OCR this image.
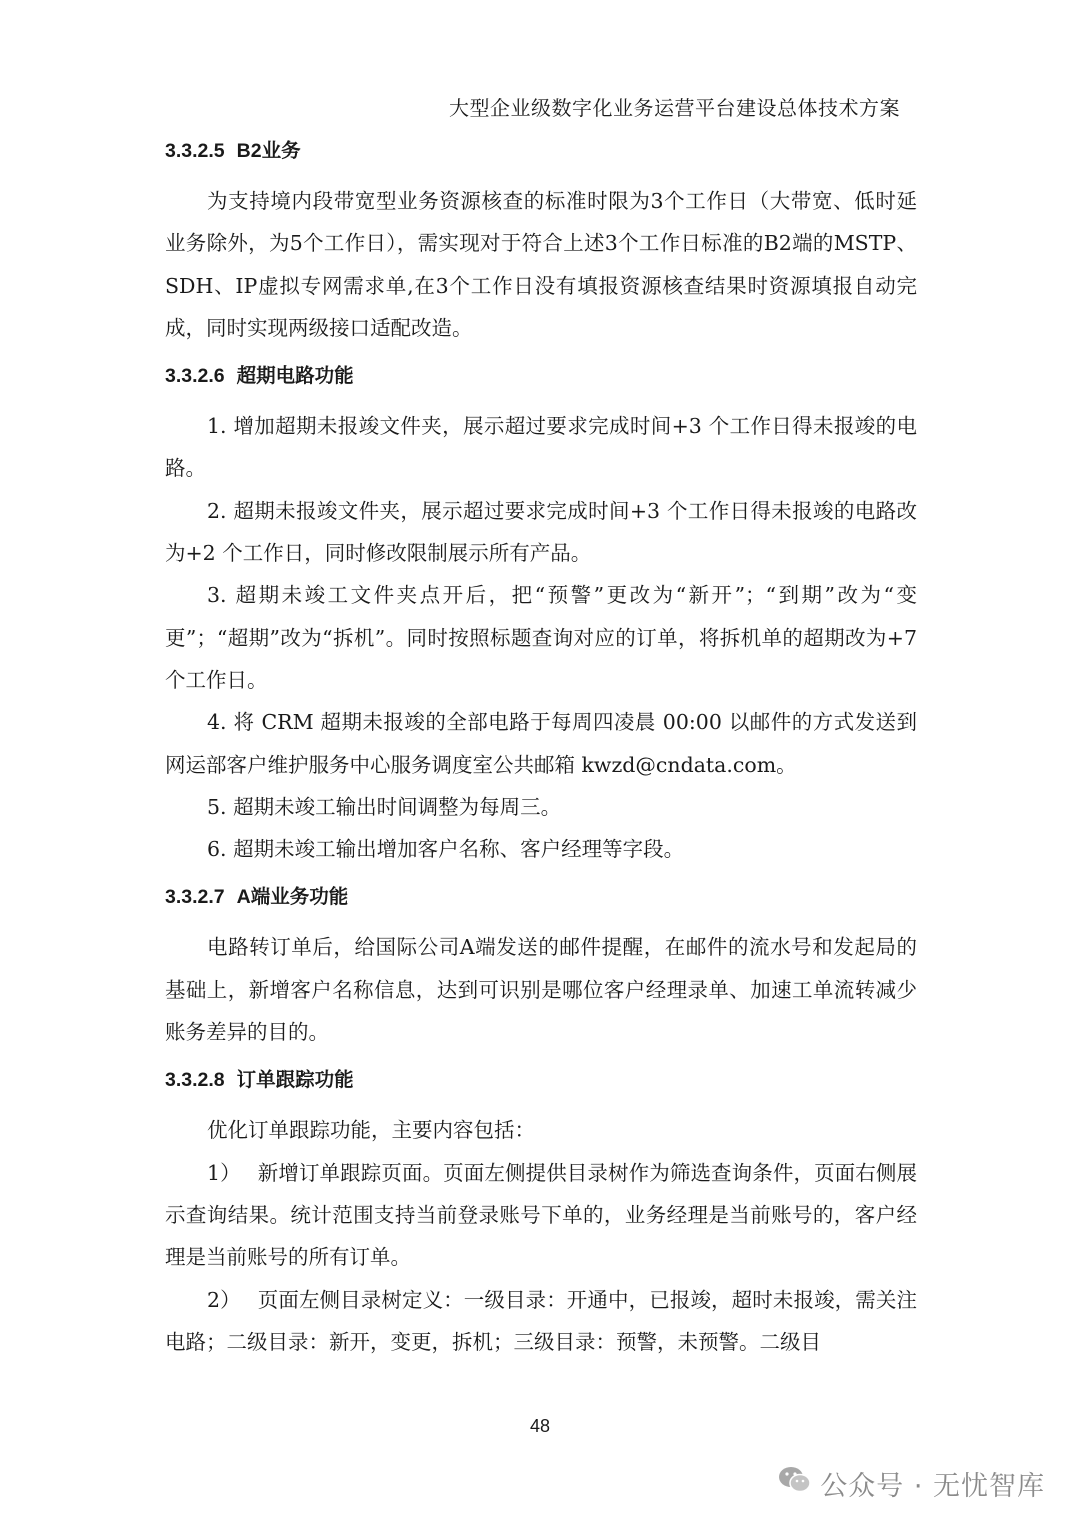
大型企业级数字化业务运营平台建设总体技术方案
3.3.2.5 B2业务

为支持境内段带宽型业务资源核查的标准时限为3个工作日（大带宽、低时延业务除外，为5个工作日），需实现对于符合上述3个工作日标准的B2端的MSTP、SDH、IP虚拟专网需求单,在3个工作日没有填报资源核查结果时资源填报自动完成，同时实现两级接口适配改造。

3.3.2.6 超期电路功能

1. 增加超期未报竣文件夹，展示超过要求完成时间+3 个工作日得未报竣的电路。

2. 超期未报竣文件夹，展示超过要求完成时间+3 个工作日得未报竣的电路改为+2 个工作日，同时修改限制展示所有产品。

3. 超期未竣工文件夹点开后，把“预警”更改为“新开”；“到期”改为“变更”；“超期”改为“拆机”。同时按照标题查询对应的订单，将拆机单的超期改为+7 个工作日。

4. 将 CRM 超期未报竣的全部电路于每周四凌晨 00:00 以邮件的方式发送到网运部客户维护服务中心服务调度室公共邮箱 kwzd@cndata.com。

5. 超期未竣工输出时间调整为每周三。

6. 超期未竣工输出增加客户名称、客户经理等字段。

3.3.2.7 A端业务功能

电路转订单后，给国际公司A端发送的邮件提醒，在邮件的流水号和发起局的基础上，新增客户名称信息，达到可识别是哪位客户经理录单、加速工单流转减少账务差异的目的。

3.3.2.8 订单跟踪功能

优化订单跟踪功能，主要内容包括：

1）　 新增订单跟踪页面。页面左侧提供目录树作为筛选查询条件，页面右侧展示查询结果。统计范围支持当前登录账号下单的，业务经理是当前账号的，客户经理是当前账号的所有订单。

2）　 页面左侧目录树定义：一级目录：开通中，已报竣，超时未报竣，需关注电路；二级目录：新开，变更，拆机；三级目录：预警，未预警。二级目

48
公众号 · 无忧智库
